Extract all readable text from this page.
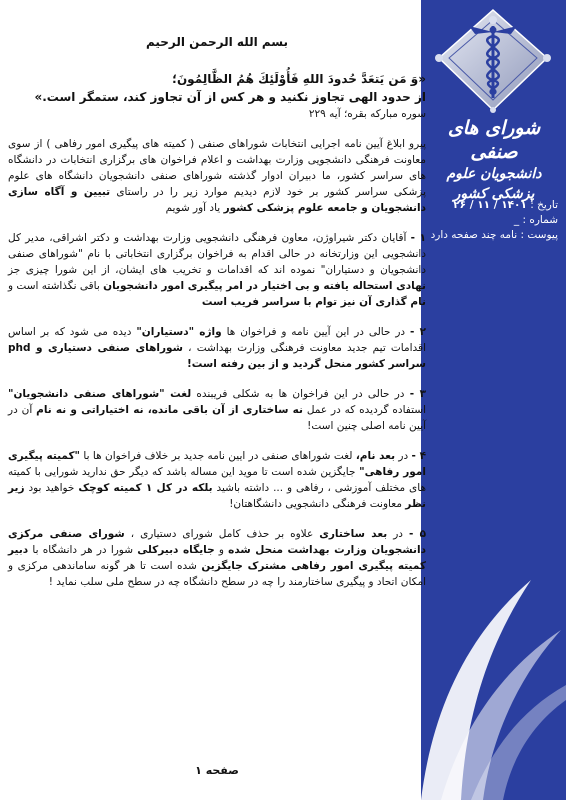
شورای های صنفی
دانشجویان علوم پزشکی کشور
تاریخ : ۱۴۰۱ / ۱۱ / ۲۶
شماره : _
پیوست : نامه چند صفحه دارد
بسم الله الرحمن الرحیم
«وَ مَن يَتعَدَّ حُدودَ اللهِ فَأُوْلَئِكَ هُمُ الظَّالِمُونَ؛
از حدود الهی تجاوز نکنید و هر کس از آن تجاوز کند، ستمگر است.»
سوره مبارکه بقره؛ آیه ۲۲۹

پیرو ابلاغ آیین نامه اجرایی انتخابات شوراهای صنفی ( کمیته های پیگیری امور رفاهی ) از سوی معاونت فرهنگی دانشجویی وزارت بهداشت و اعلام فراخوان های برگزاری انتخابات در دانشگاه های سراسر کشور، ما دبیران ادوار گذشته شوراهای صنفی دانشجویان دانشگاه های علوم پزشکی سراسر کشور بر خود لازم دیدیم موارد زیر را در راستای تبیین و آگاه سازی دانشجویان و جامعه علوم پزشکی کشور یاد آور شویم

۱ - آقایان دکتر شیراوژن، معاون فرهنگی دانشجویی وزارت بهداشت و دکتر اشراقی، مدیر کل دانشجویی این وزارتخانه در حالی اقدام به فراخوان برگزاری انتخاباتی با نام "شوراهای صنفی دانشجویان و دستیاران" نموده اند که اقدامات و تخریب های ایشان، از این شورا چیزی جز نهادی استحاله یافته و بی اختیار در امر پیگیری امور دانشجویان باقی نگذاشته است و نام گذاری آن نیز توام با سراسر فریب است

۲ - در حالی در این آیین نامه و فراخوان ها واژه "دستیاران" دیده می شود که بر اساس اقدامات تیم جدید معاونت فرهنگی وزارت بهداشت ، شوراهای صنفی دستیاری و phd سراسر کشور منحل گردید و از بین رفته است!

۳ - در حالی در این فراخوان ها به شکلی فریبنده لغت "شوراهای صنفی دانشجویان" استفاده گردیده که در عمل نه ساختاری از آن باقی مانده، نه اختیاراتی و نه نام آن در آیین نامه اصلی چنین است!

۴ - در بعد نام، لغت شوراهای صنفی در ایین نامه جدید بر خلاف فراخوان ها با "کمیته پیگیری امور رفاهی" جایگزین شده است تا موید این مساله باشد که دیگر حق ندارید شورایی با کمیته های مختلف آموزشی ، رفاهی و ... داشته باشید بلکه در کل ۱ کمیته کوچک خواهید بود زیر نظر معاونت فرهنگی دانشجویی دانشگاهتان!

۵ - در بعد ساختاری علاوه بر حذف کامل شورای دستیاری ، شورای صنفی مرکزی دانشجویان وزارت بهداشت منحل شده و جایگاه دبیرکلی شورا در هر دانشگاه با دبیر کمیته پیگیری امور رفاهی مشترک جایگزین شده است تا هر گونه ساماندهی مرکزی و امکان اتحاد و پیگیری ساختارمند را چه در سطح دانشگاه چه در سطح ملی سلب نماید !

صفحه ۱
